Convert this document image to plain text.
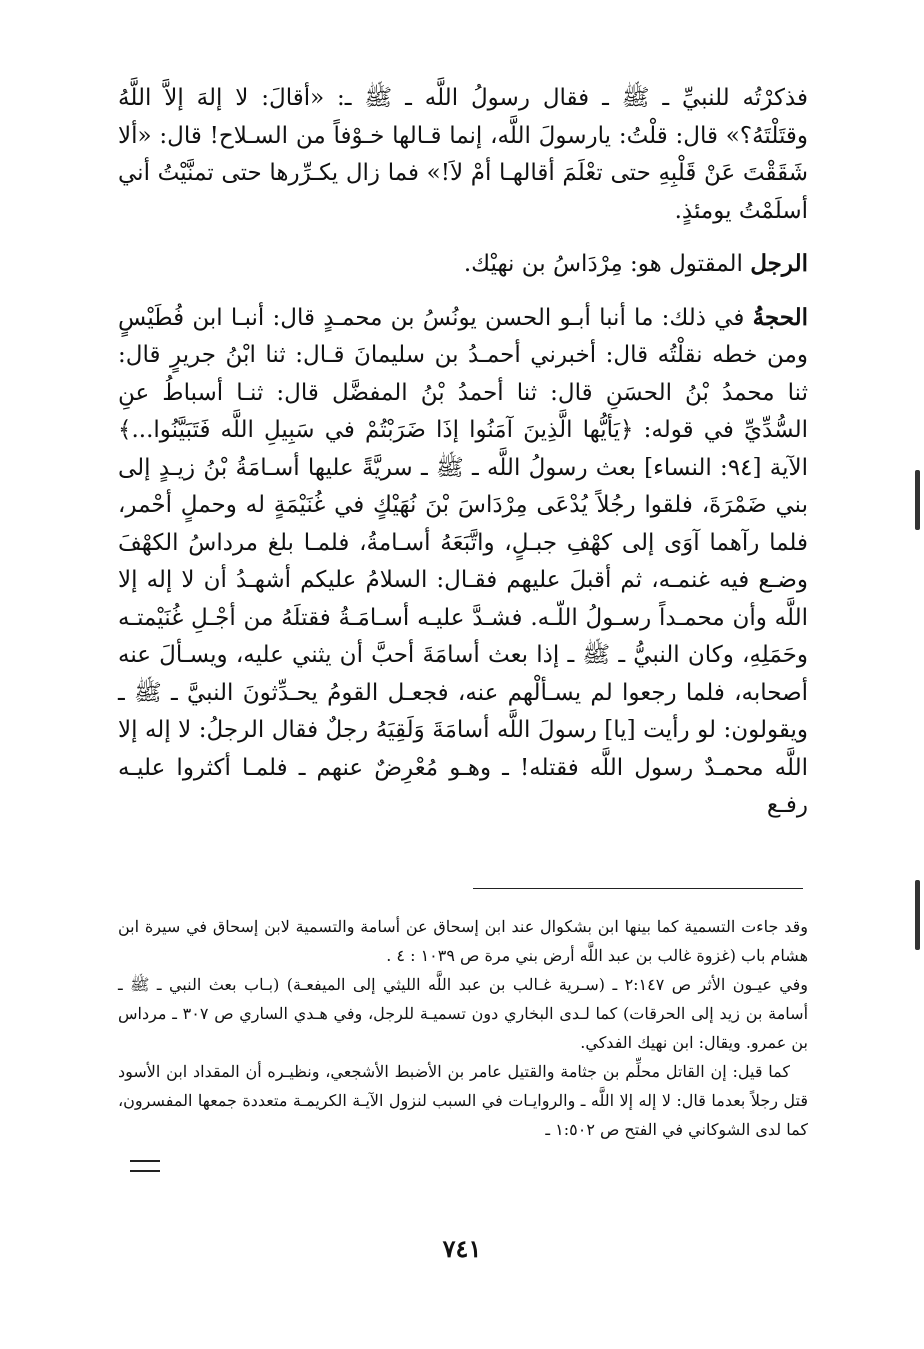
فذكرْتُه للنبيِّ ـ ﷺ ـ فقال رسولُ اللَّه ـ ﷺ ـ: «أقالَ: لا إلهَ إلاَّ اللَّهُ وقتَلْتَهُ؟» قال: قلْتُ: يارسولَ اللَّه، إنما قـالها خـوْفاً من السـلاح! قال: «ألا شَقَقْتَ عَنْ قَلْبِهِ حتى تعْلَمَ أقالهـا أمْ لاَ!» فما زال يكـرِّرها حتى تمنَّيْتُ أني أسلَمْتُ يومئذٍ.

الرجل المقتول هو: مِرْدَاسُ بن نهيْك.

الحجةُ في ذلك: ما أنبا أبـو الحسن يونُسُ بن محمـدٍ قال: أنبـا ابن فُطَيْسٍ ومن خطه نقلْتُه قال: أخبرني أحمـدُ بن سليمانَ قـال: ثنا ابْنُ جريرٍ قال: ثنا محمدُ بْنُ الحسَنِ قال: ثنا أحمدُ بْنُ المفضَّل قال: ثنـا أسباطُ عنِ السُّدِّيِّ في قوله: ﴿يَأيُّها الَّذِينَ آمَنُوا إذَا ضَرَبْتُمْ في سَبِيلِ اللَّه فَتَبَيَّنُوا...﴾ الآية [٩٤: النساء] بعث رسولُ اللَّه ـ ﷺ ـ سريَّةً عليها أسـامَةُ بْنُ زيـدٍ إلى بني ضَمْرَةَ، فلقوا رجُلاً يُدْعَى مِرْدَاسَ بْنَ نُهَيْكٍ في غُنَيْمَةٍ له وحملٍ أحْمر، فلما رآهما آوَى إلى كهْفِ جبـلٍ، واتَّبَعَهُ أسـامةُ، فلمـا بلغ مرداسُ الكهْفَ وضـع فيه غنمـه، ثم أقبلَ عليهم فقـال: السلامُ عليكم أشهـدُ أن لا إله إلا اللَّه وأن محمـداً رسـولُ اللّـه. فشـدَّ عليـه أسـامَـةُ فقتلَهُ من أجْـلِ غُنَيْمتـه وحَمَلِهِ، وكان النبيُّ ـ ﷺ ـ إذا بعث أسامَةَ أحبَّ أن يثني عليه، ويسـألَ عنه أصحابه، فلما رجعوا لم يسـألْهم عنه، فجعـل القومُ يحـدِّثونَ النبيَّ ـ ﷺ ـ ويقولون: لو رأيت [يا] رسولَ اللَّه أسامَةَ وَلَقِيَهُ رجلٌ فقال الرجلُ: لا إله إلا اللَّه محمـدٌ رسول اللَّه فقتله! ـ وهـو مُعْرِضٌ عنهم ـ فلمـا أكثروا عليـه رفـع

وقد جاءت التسمية كما بينها ابن بشكوال عند ابن إسحاق عن أسامة والتسمية لابن إسحاق في سيرة ابن هشام باب (غزوة غالب بن عبد اللَّه أرض بني مرة ص ١٠٣٩ : ٤ .

وفي عيـون الأثر ص ٢:١٤٧ ـ (سـرية غـالب بن عبد اللَّه الليثي إلى الميفعـة) (بـاب بعث النبي ـ ﷺ ـ أسامة بن زيد إلى الحرقات) كما لـدى البخاري دون تسميـة للرجل، وفي هـدي الساري ص ٣٠٧ ـ مرداس بن عمرو. ويقال: ابن نهيك الفدكي.

كما قيل: إن القاتل محلِّم بن جثامة والقتيل عامر بن الأضبط الأشجعي، ونظيـره أن المقداد ابن الأسود قتل رجلاً بعدما قال: لا إله إلا اللَّه ـ والروايـات في السبب لنزول الآيـة الكريمـة متعددة جمعها المفسرون، كما لدى الشوكاني في الفتح ص ١:٥٠٢ ـ

٧٤١
